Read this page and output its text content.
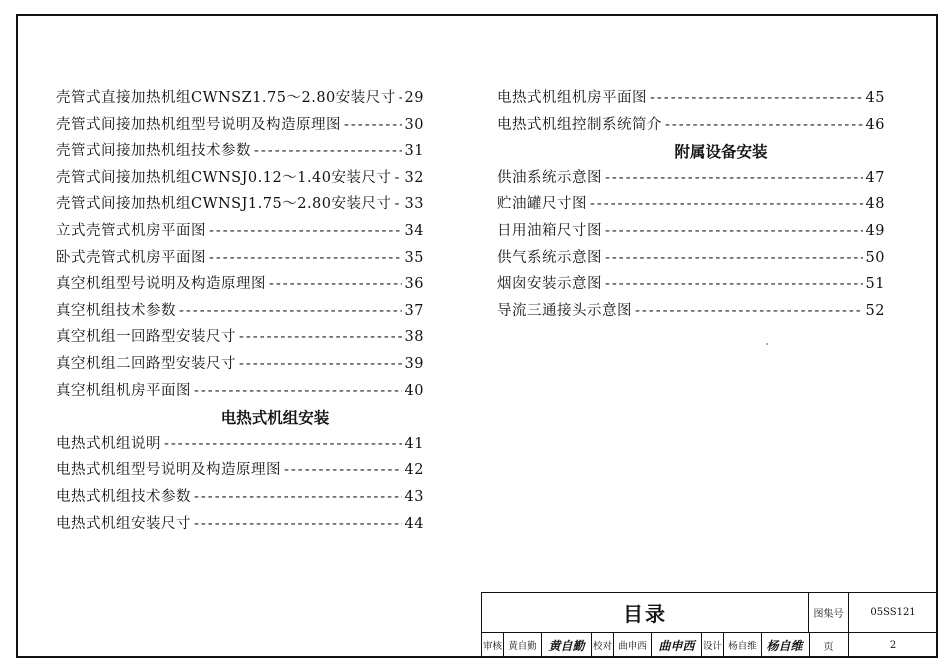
壳管式直接加热机组CWNSZ1.75～2.80安装尺寸 ----- 29
壳管式间接加热机组型号说明及构造原理图 -----	30
壳管式间接加热机组技术参数 -----	31
壳管式间接加热机组CWNSJ0.12～1.40安装尺寸 ----- 32
壳管式间接加热机组CWNSJ1.75～2.80安装尺寸 ----- 33
立式壳管式机房平面图 -----	34
卧式壳管式机房平面图 -----	35
真空机组型号说明及构造原理图 -----	36
真空机组技术参数 -----	37
真空机组一回路型安装尺寸 -----	38
真空机组二回路型安装尺寸 -----	39
真空机组机房平面图 -----	40
电热式机组安装
电热式机组说明 -----	41
电热式机组型号说明及构造原理图 -----	42
电热式机组技术参数 -----	43
电热式机组安装尺寸 -----	44
电热式机组机房平面图 -----	45
电热式机组控制系统简介 -----	46
附属设备安装
供油系统示意图 -----	47
贮油罐尺寸图 -----	48
日用油箱尺寸图 -----	49
供气系统示意图 -----	50
烟囱安装示意图 -----	51
导流三通接头示意图 -----	52
目录	图集号	05SS121
页	2
审核 黄自勤 黄自勤 校对 曲申西 曲申西 设计 杨自维 杨自维
